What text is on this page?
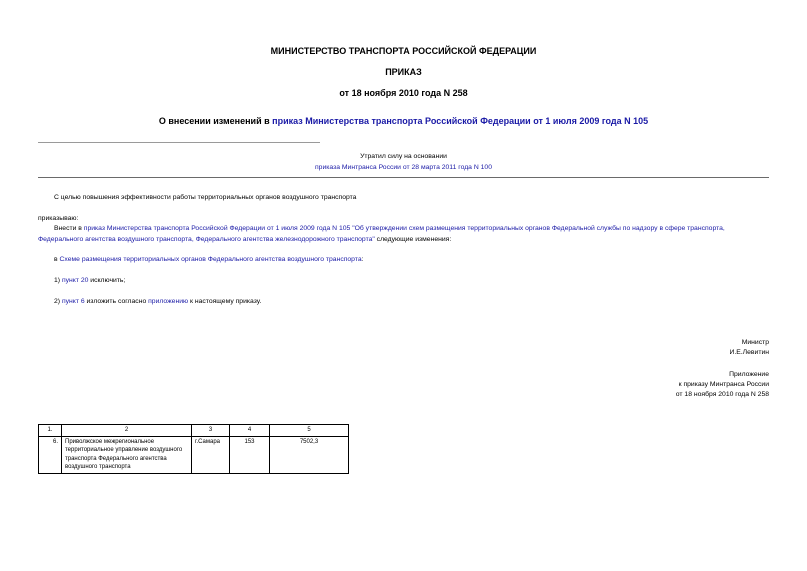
МИНИСТЕРСТВО ТРАНСПОРТА РОССИЙСКОЙ ФЕДЕРАЦИИ
ПРИКАЗ
от 18 ноября 2010 года N 258
О внесении изменений в приказ Министерства транспорта Российской Федерации от 1 июля 2009 года N 105
Утратил силу на основании
приказа Минтранса России от 28 марта 2011 года N 100
С целью повышения эффективности работы территориальных органов воздушного транспорта
приказываю:
Внести в приказ Министерства транспорта Российской Федерации от 1 июля 2009 года N 105 "Об утверждении схем размещения территориальных органов Федеральной службы по надзору в сфере транспорта, Федерального агентства воздушного транспорта, Федерального агентства железнодорожного транспорта" следующие изменения:
в Схеме размещения территориальных органов Федерального агентства воздушного транспорта:
1) пункт 20 исключить;
2) пункт 6 изложить согласно приложению к настоящему приказу.
Министр
И.Е.Левитин
Приложение
к приказу Минтранса России
от 18 ноября 2010 года N 258
1.	2	3	4	5
6.	Приволжское межрегиональное территориальное управление воздушного транспорта Федерального агентства воздушного транспорта	г.Самара	153	7502,3
